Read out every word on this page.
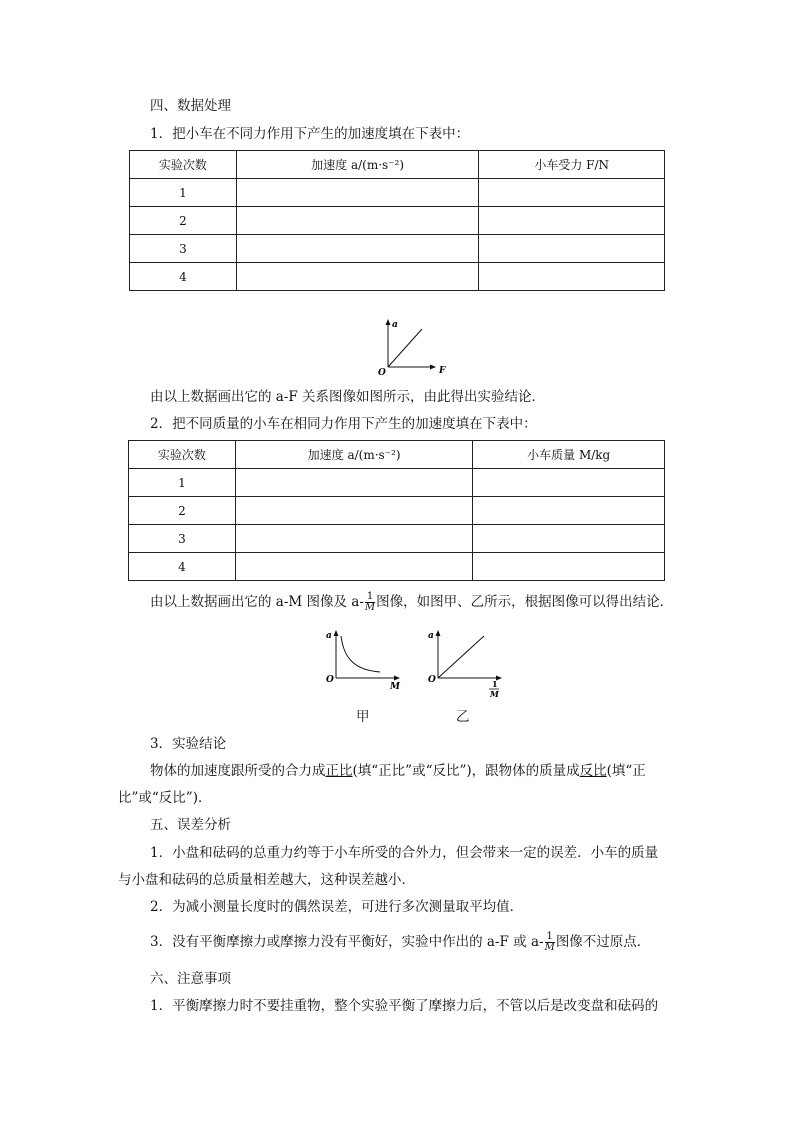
四、数据处理
1．把小车在不同力作用下产生的加速度填在下表中：
实验次数	加速度 a/(m·s⁻²)	小车受力 F/N
1		
2		
3		
4		
a
F
O
由以上数据画出它的 a-F 关系图像如图所示，由此得出实验结论．
2．把不同质量的小车在相同力作用下产生的加速度填在下表中：
实验次数	加速度 a/(m·s⁻²)	小车质量 M/kg
1		
2		
3		
4		
由以上数据画出它的 a-M 图像及 $a- \frac{1}{M}$ 图像，如图甲、乙所示，根据图像可以得出结论．
a
M
O
a
1
M
O
甲	乙
3．实验结论
物体的加速度跟所受的合力成正比(填“正比”或“反比”)，跟物体的质量成反比(填“正
比”或“反比”)．
五、误差分析
1．小盘和砝码的总重力约等于小车所受的合外力，但会带来一定的误差．小车的质量
与小盘和砝码的总质量相差越大，这种误差越小．
2．为减小测量长度时的偶然误差，可进行多次测量取平均值．
3．没有平衡摩擦力或摩擦力没有平衡好，实验中作出的 a-F 或 $a- \frac{1}{M}$ 图像不过原点．
六、注意事项
1．平衡摩擦力时不要挂重物，整个实验平衡了摩擦力后，不管以后是改变盘和砝码的
